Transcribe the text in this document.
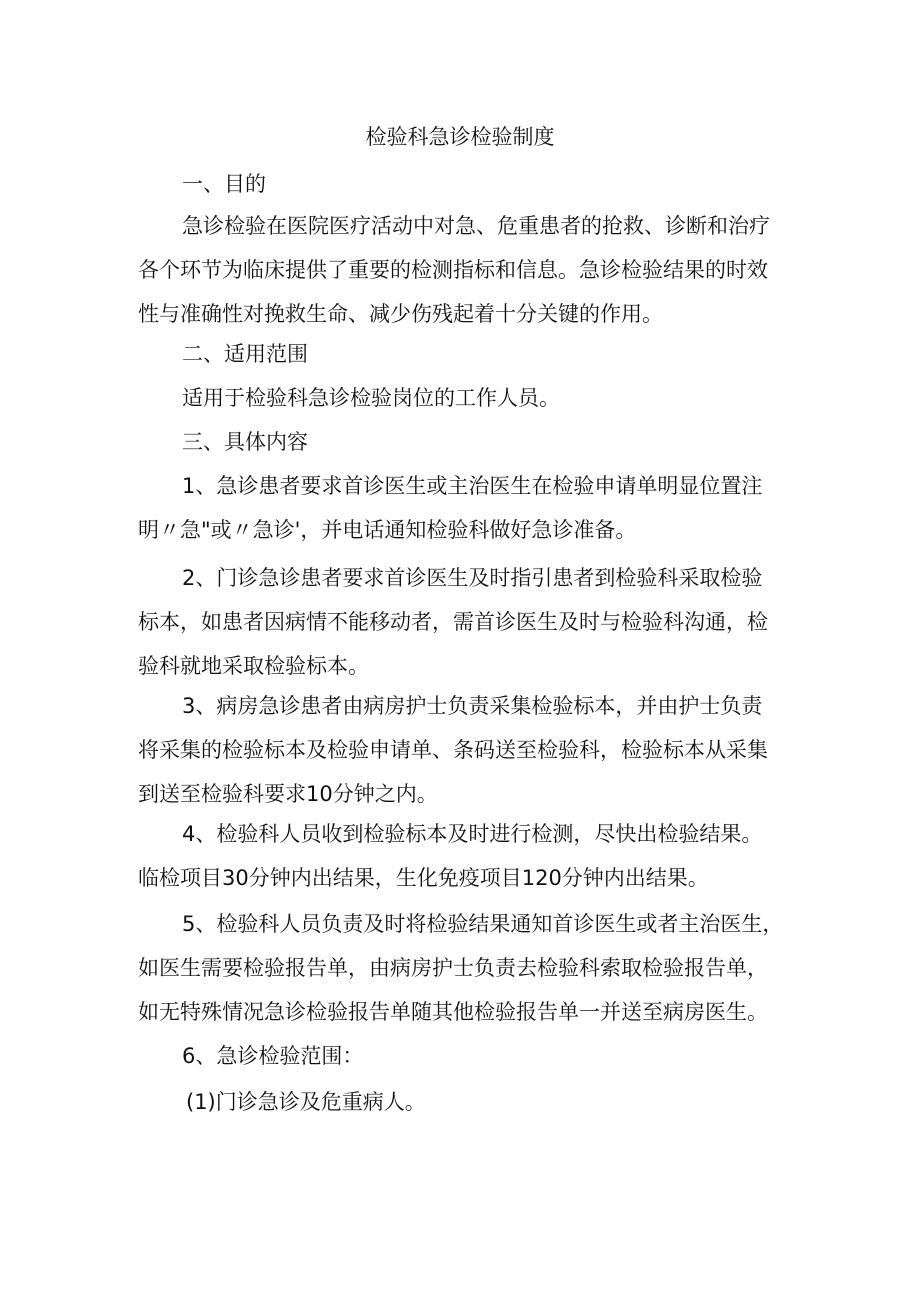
检验科急诊检验制度
一、目的
急诊检验在医院医疗活动中对急、危重患者的抢救、诊断和治疗
各个环节为临床提供了重要的检测指标和信息。急诊检验结果的时效
性与准确性对挽救生命、减少伤残起着十分关键的作用。
二、适用范围
适用于检验科急诊检验岗位的工作人员。
三、具体内容
1、急诊患者要求首诊医生或主治医生在检验申请单明显位置注
明〃急"或〃急诊'，并电话通知检验科做好急诊准备。
2、门诊急诊患者要求首诊医生及时指引患者到检验科采取检验
标本，如患者因病情不能移动者，需首诊医生及时与检验科沟通，检
验科就地采取检验标本。
3、病房急诊患者由病房护士负责采集检验标本，并由护士负责
将采集的检验标本及检验申请单、条码送至检验科，检验标本从采集
到送至检验科要求10分钟之内。
4、检验科人员收到检验标本及时进行检测，尽快出检验结果。
临检项目30分钟内出结果，生化免疫项目120分钟内出结果。
5、检验科人员负责及时将检验结果通知首诊医生或者主治医生，
如医生需要检验报告单，由病房护士负责去检验科索取检验报告单，
如无特殊情况急诊检验报告单随其他检验报告单一并送至病房医生。
6、急诊检验范围：
(1)门诊急诊及危重病人。
